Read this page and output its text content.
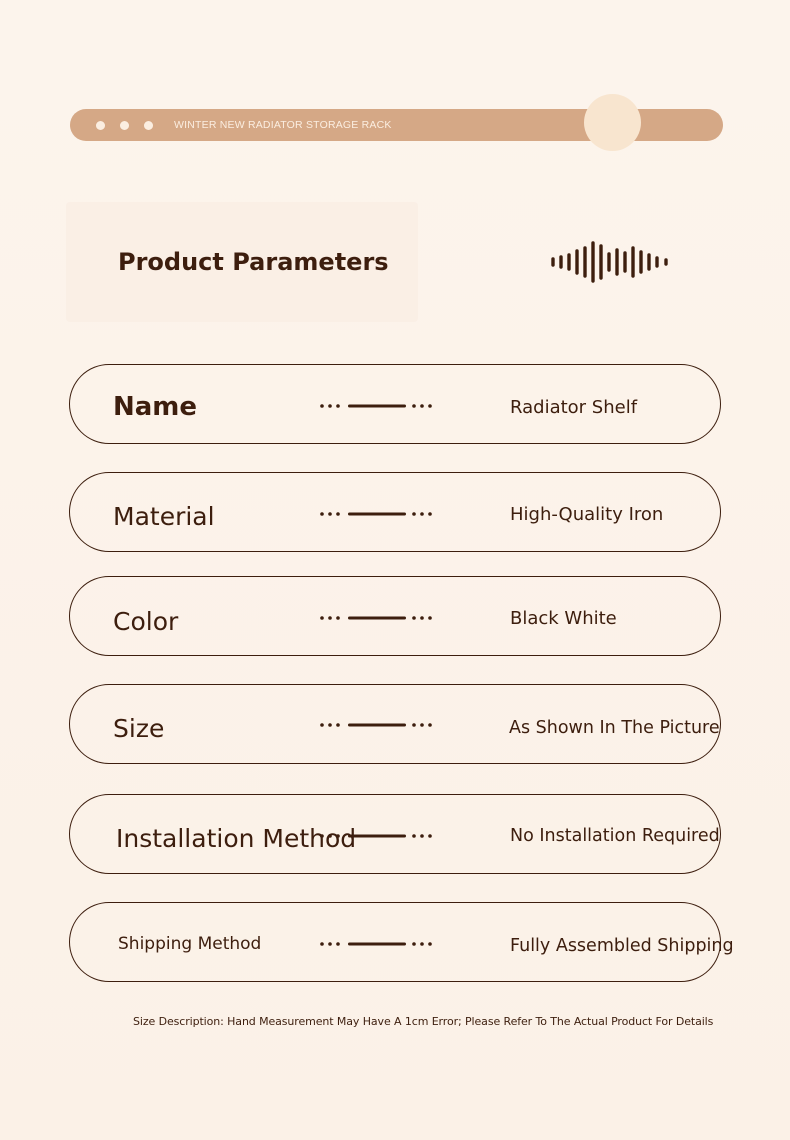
WINTER NEW RADIATOR STORAGE RACK
Product Parameters
Name	Radiator Shelf
Material	High-Quality Iron
Color	Black White
Size	As Shown In The Picture
Installation Method	No Installation Required
Shipping Method	Fully Assembled Shipping
Size Description: Hand Measurement May Have A 1cm Error; Please Refer To The Actual Product For Details
